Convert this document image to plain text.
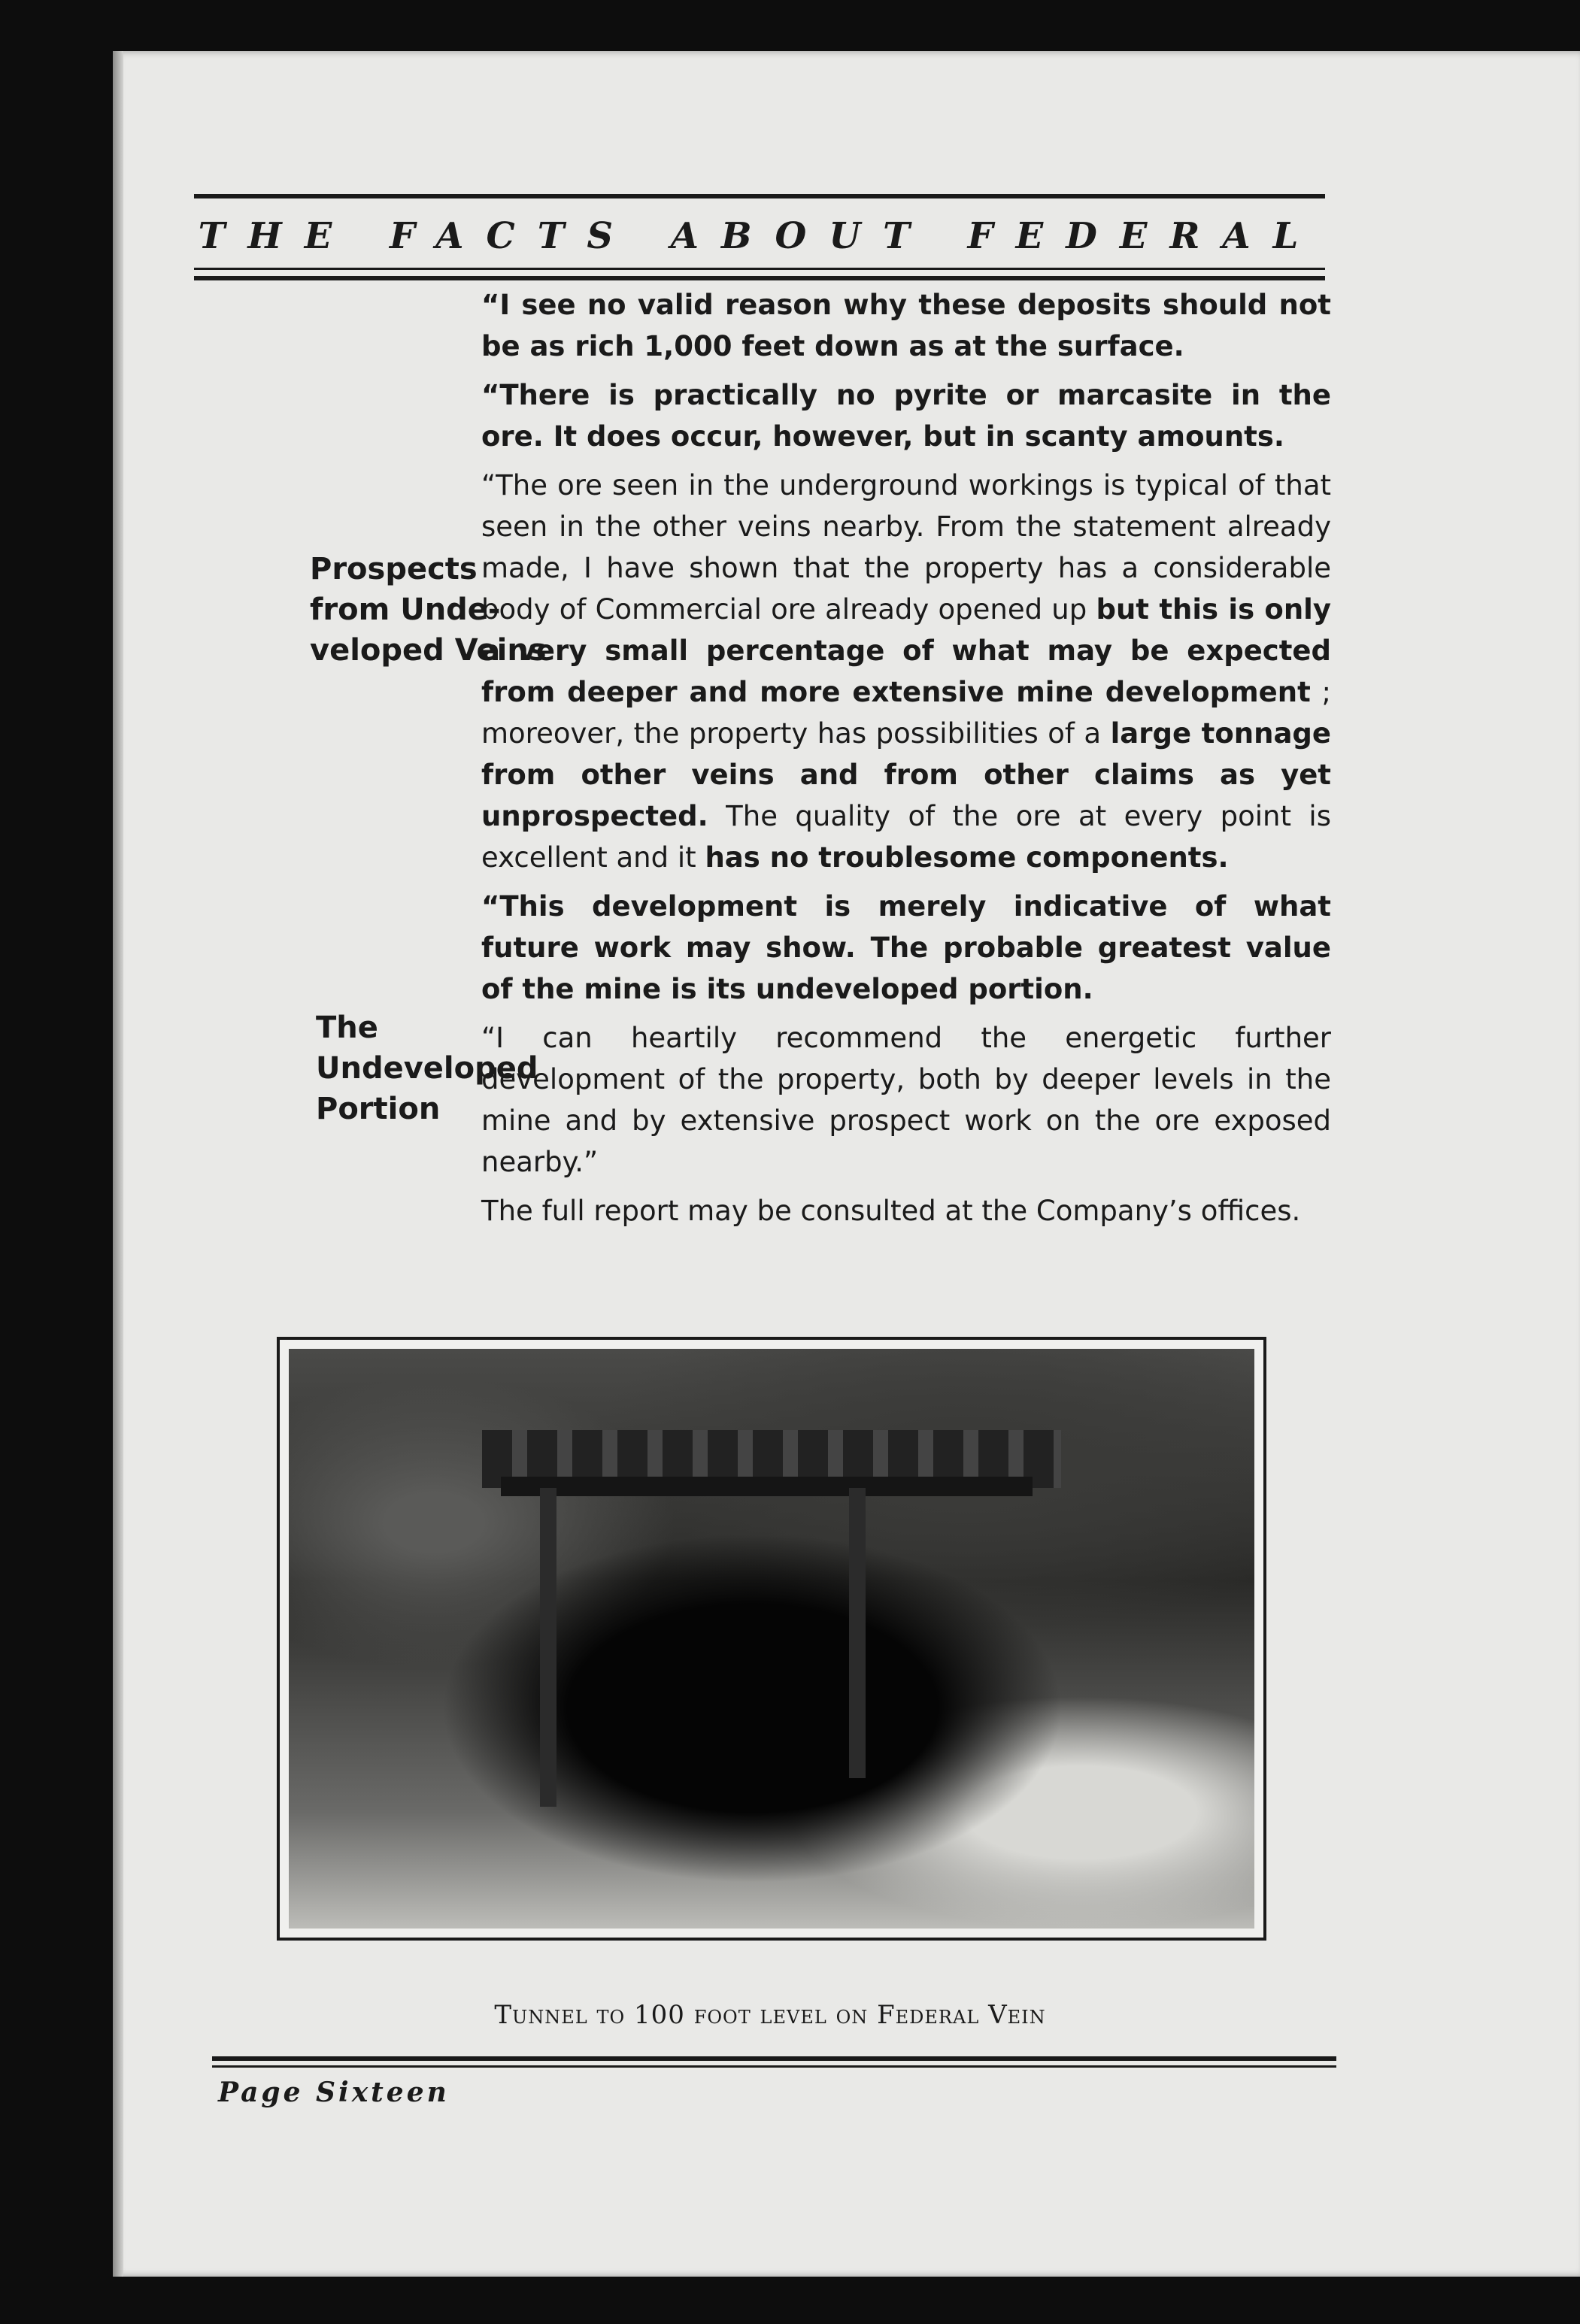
THE FACTS ABOUT FEDERAL
Prospects
from Unde-
veloped Veins
The
Undeveloped
Portion

“I see no valid reason why these deposits should not be as rich 1,000 feet down as at the surface.

“There is practically no pyrite or marcasite in the ore. It does occur, however, but in scanty amounts.

“The ore seen in the underground workings is typical of that seen in the other veins nearby. From the statement already made, I have shown that the property has a considerable body of Commercial ore already opened up but this is only a very small percentage of what may be expected from deeper and more extensive mine development ; moreover, the property has possibilities of a large tonnage from other veins and from other claims as yet unprospected. The quality of the ore at every point is excellent and it has no troublesome components.

“This development is merely indicative of what future work may show. The probable greatest value of the mine is its undeveloped portion.

“I can heartily recommend the energetic further development of the property, both by deeper levels in the mine and by extensive prospect work on the ore exposed nearby.”

The full report may be consulted at the Company’s offices.

Tunnel to 100 foot level on Federal Vein
Page Sixteen
